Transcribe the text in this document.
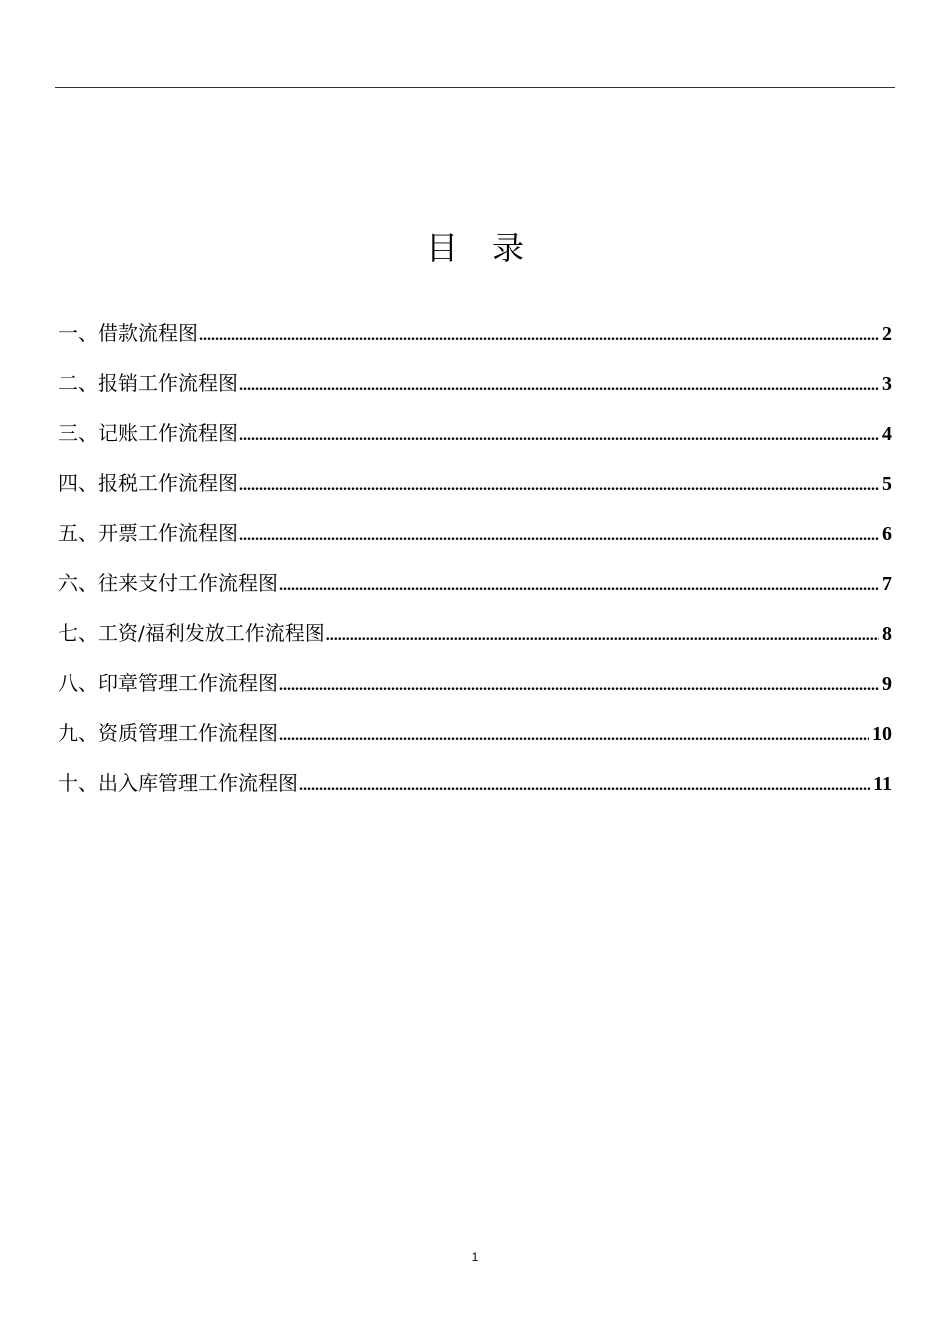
目录
一、借款流程图 .....	2
二、报销工作流程图 .....	3
三、记账工作流程图 .....	4
四、报税工作流程图 .....	5
五、开票工作流程图 .....	6
六、往来支付工作流程图 .....	7
七、工资/福利发放工作流程图 .....	8
八、印章管理工作流程图 .....	9
九、资质管理工作流程图 .....	10
十、出入库管理工作流程图 .....	11
1
